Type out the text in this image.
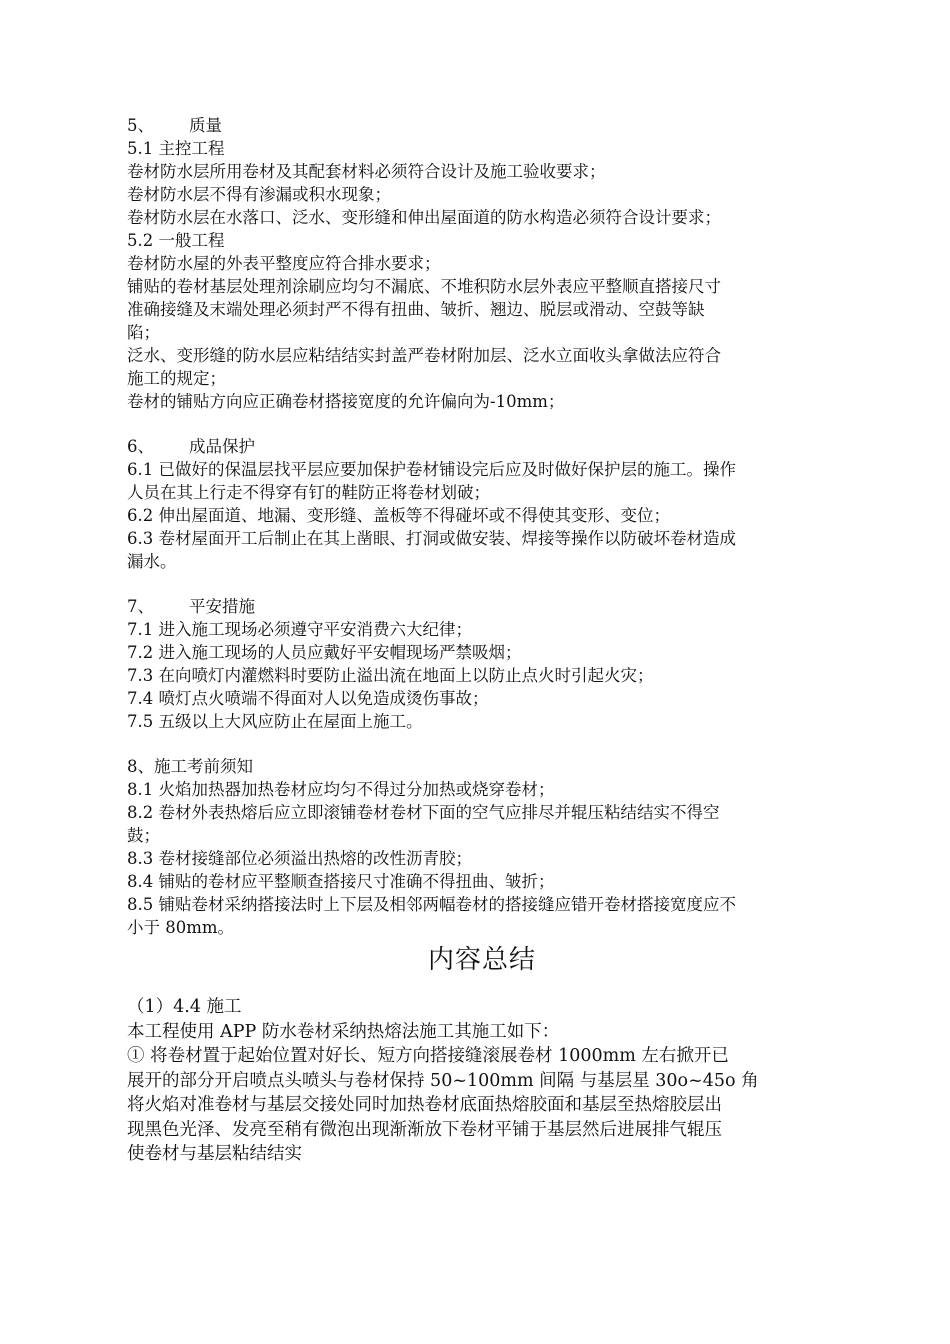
5、 质量
5.1 主控工程
卷材防水层所用卷材及其配套材料必须符合设计及施工验收要求；
卷材防水层不得有渗漏或积水现象；
卷材防水层在水落口、泛水、变形缝和伸出屋面道的防水构造必须符合设计要求；
5.2 一般工程
卷材防水屋的外表平整度应符合排水要求；
铺贴的卷材基层处理剂涂刷应均匀不漏底、不堆积防水层外表应平整顺直搭接尺寸
准确接缝及末端处理必须封严不得有扭曲、皱折、翘边、脱层或滑动、空鼓等缺
陷；
泛水、变形缝的防水层应粘结结实封盖严卷材附加层、泛水立面收头拿做法应符合
施工的规定；
卷材的铺贴方向应正确卷材搭接宽度的允许偏向为-10mm；
6、 成品保护
6.1 已做好的保温层找平层应要加保护卷材铺设完后应及时做好保护层的施工。操作
人员在其上行走不得穿有钉的鞋防正将卷材划破；
6.2 伸出屋面道、地漏、变形缝、盖板等不得碰坏或不得使其变形、变位；
6.3 卷材屋面开工后制止在其上凿眼、打洞或做安装、焊接等操作以防破坏卷材造成
漏水。
7、 平安措施
7.1 进入施工现场必须遵守平安消费六大纪律；
7.2 进入施工现场的人员应戴好平安帽现场严禁吸烟；
7.3 在向喷灯内灌燃料时要防止溢出流在地面上以防止点火时引起火灾；
7.4 喷灯点火喷端不得面对人以免造成烫伤事故；
7.5 五级以上大风应防止在屋面上施工。
8、施工考前须知
8.1 火焰加热器加热卷材应均匀不得过分加热或烧穿卷材；
8.2 卷材外表热熔后应立即滚铺卷材卷材下面的空气应排尽并辊压粘结结实不得空
鼓；
8.3 卷材接缝部位必须溢出热熔的改性沥青胶；
8.4 铺贴的卷材应平整顺查搭接尺寸准确不得扭曲、皱折；
8.5 铺贴卷材采纳搭接法时上下层及相邻两幅卷材的搭接缝应错开卷材搭接宽度应不
小于 80mm。
内容总结
（1）4.4 施工
本工程使用 APP 防水卷材采纳热熔法施工其施工如下：
① 将卷材置于起始位置对好长、短方向搭接缝滚展卷材 1000mm 左右掀开已
展开的部分开启喷点头喷头与卷材保持 50~100mm 间隔 与基层星 30o~45o 角
将火焰对准卷材与基层交接处同时加热卷材底面热熔胶面和基层至热熔胶层出
现黑色光泽、发亮至稍有微泡出现渐渐放下卷材平铺于基层然后进展排气辊压
使卷材与基层粘结结实
